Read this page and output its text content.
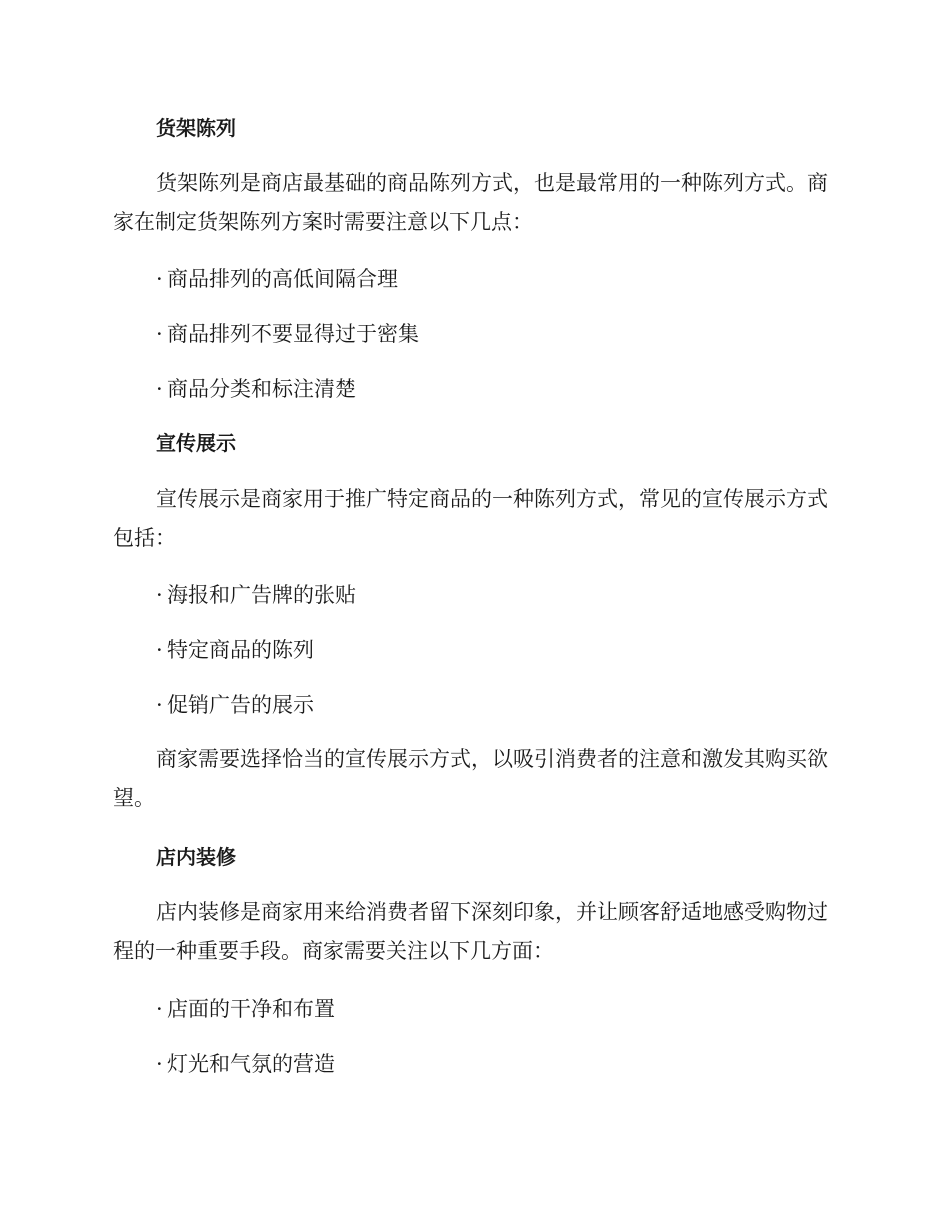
货架陈列

货架陈列是商店最基础的商品陈列方式，也是最常用的一种陈列方式。商家在制定货架陈列方案时需要注意以下几点：

· 商品排列的高低间隔合理
· 商品排列不要显得过于密集
· 商品分类和标注清楚
宣传展示

宣传展示是商家用于推广特定商品的一种陈列方式，常见的宣传展示方式包括：

· 海报和广告牌的张贴
· 特定商品的陈列
· 促销广告的展示

商家需要选择恰当的宣传展示方式，以吸引消费者的注意和激发其购买欲望。

店内装修

店内装修是商家用来给消费者留下深刻印象，并让顾客舒适地感受购物过程的一种重要手段。商家需要关注以下几方面：

· 店面的干净和布置
· 灯光和气氛的营造
